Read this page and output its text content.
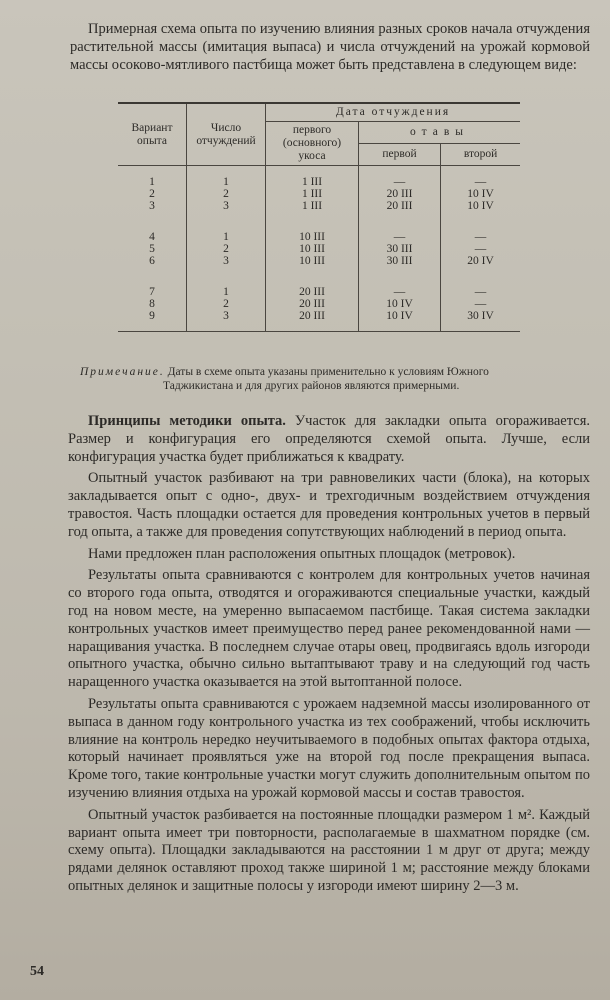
Примерная схема опыта по изучению влияния разных сроков начала отчуждения растительной массы (имитация выпаса) и числа отчуждений на урожай кормовой массы осоково-мятливого пастбища может быть представлена в следующем виде:

Вариант опыта	Число отчуждений	Дата отчуждения		
		первого (основного) укоса	отавы	
			первой	второй
1	1	1 III	—	—
2	2	1 III	20 III	10 IV
3	3	1 III	20 III	10 IV
4	1	10 III	—	—
5	2	10 III	30 III	—
6	3	10 III	30 III	20 IV
7	1	20 III	—	—
8	2	20 III	10 IV	—
9	3	20 III	10 IV	30 IV

Примечание. Даты в схеме опыта указаны применительно к условиям Южного
Таджикистана и для других районов являются примерными.

Принципы методики опыта. Участок для закладки опыта огораживается. Размер и конфигурация его определяются схемой опыта. Лучше, если конфигурация участка будет приближаться к квадрату.

Опытный участок разбивают на три равновеликих части (блока), на которых закладывается опыт с одно-, двух- и трехгодичным воздействием отчуждения травостоя. Часть площадки остается для проведения контрольных учетов в первый год опыта, а также для проведения сопутствующих наблюдений в период опыта.

Нами предложен план расположения опытных площадок (метровок).

Результаты опыта сравниваются с контролем для контрольных учетов начиная со второго года опыта, отводятся и огораживаются специальные участки, каждый год на новом месте, на умеренно выпасаемом пастбище. Такая система закладки контрольных участков имеет преимущество перед ранее рекомендованной нами — наращивания участка. В последнем случае отары овец, продвигаясь вдоль изгороди опытного участка, обычно сильно вытаптывают траву и на следующий год часть наращенного участка оказывается на этой вытоптанной полосе.

Результаты опыта сравниваются с урожаем надземной массы изолированного от выпаса в данном году контрольного участка из тех соображений, чтобы исключить влияние на контроль нередко неучитываемого в подобных опытах фактора отдыха, который начинает проявляться уже на второй год после прекращения выпаса. Кроме того, такие контрольные участки могут служить дополнительным опытом по изучению влияния отдыха на урожай кормовой массы и состав травостоя.

Опытный участок разбивается на постоянные площадки размером 1 м². Каждый вариант опыта имеет три повторности, располагаемые в шахматном порядке (см. схему опыта). Площадки закладываются на расстоянии 1 м друг от друга; между рядами делянок оставляют проход также шириной 1 м; расстояние между блоками опытных делянок и защитные полосы у изгороди имеют ширину 2—3 м.

54
